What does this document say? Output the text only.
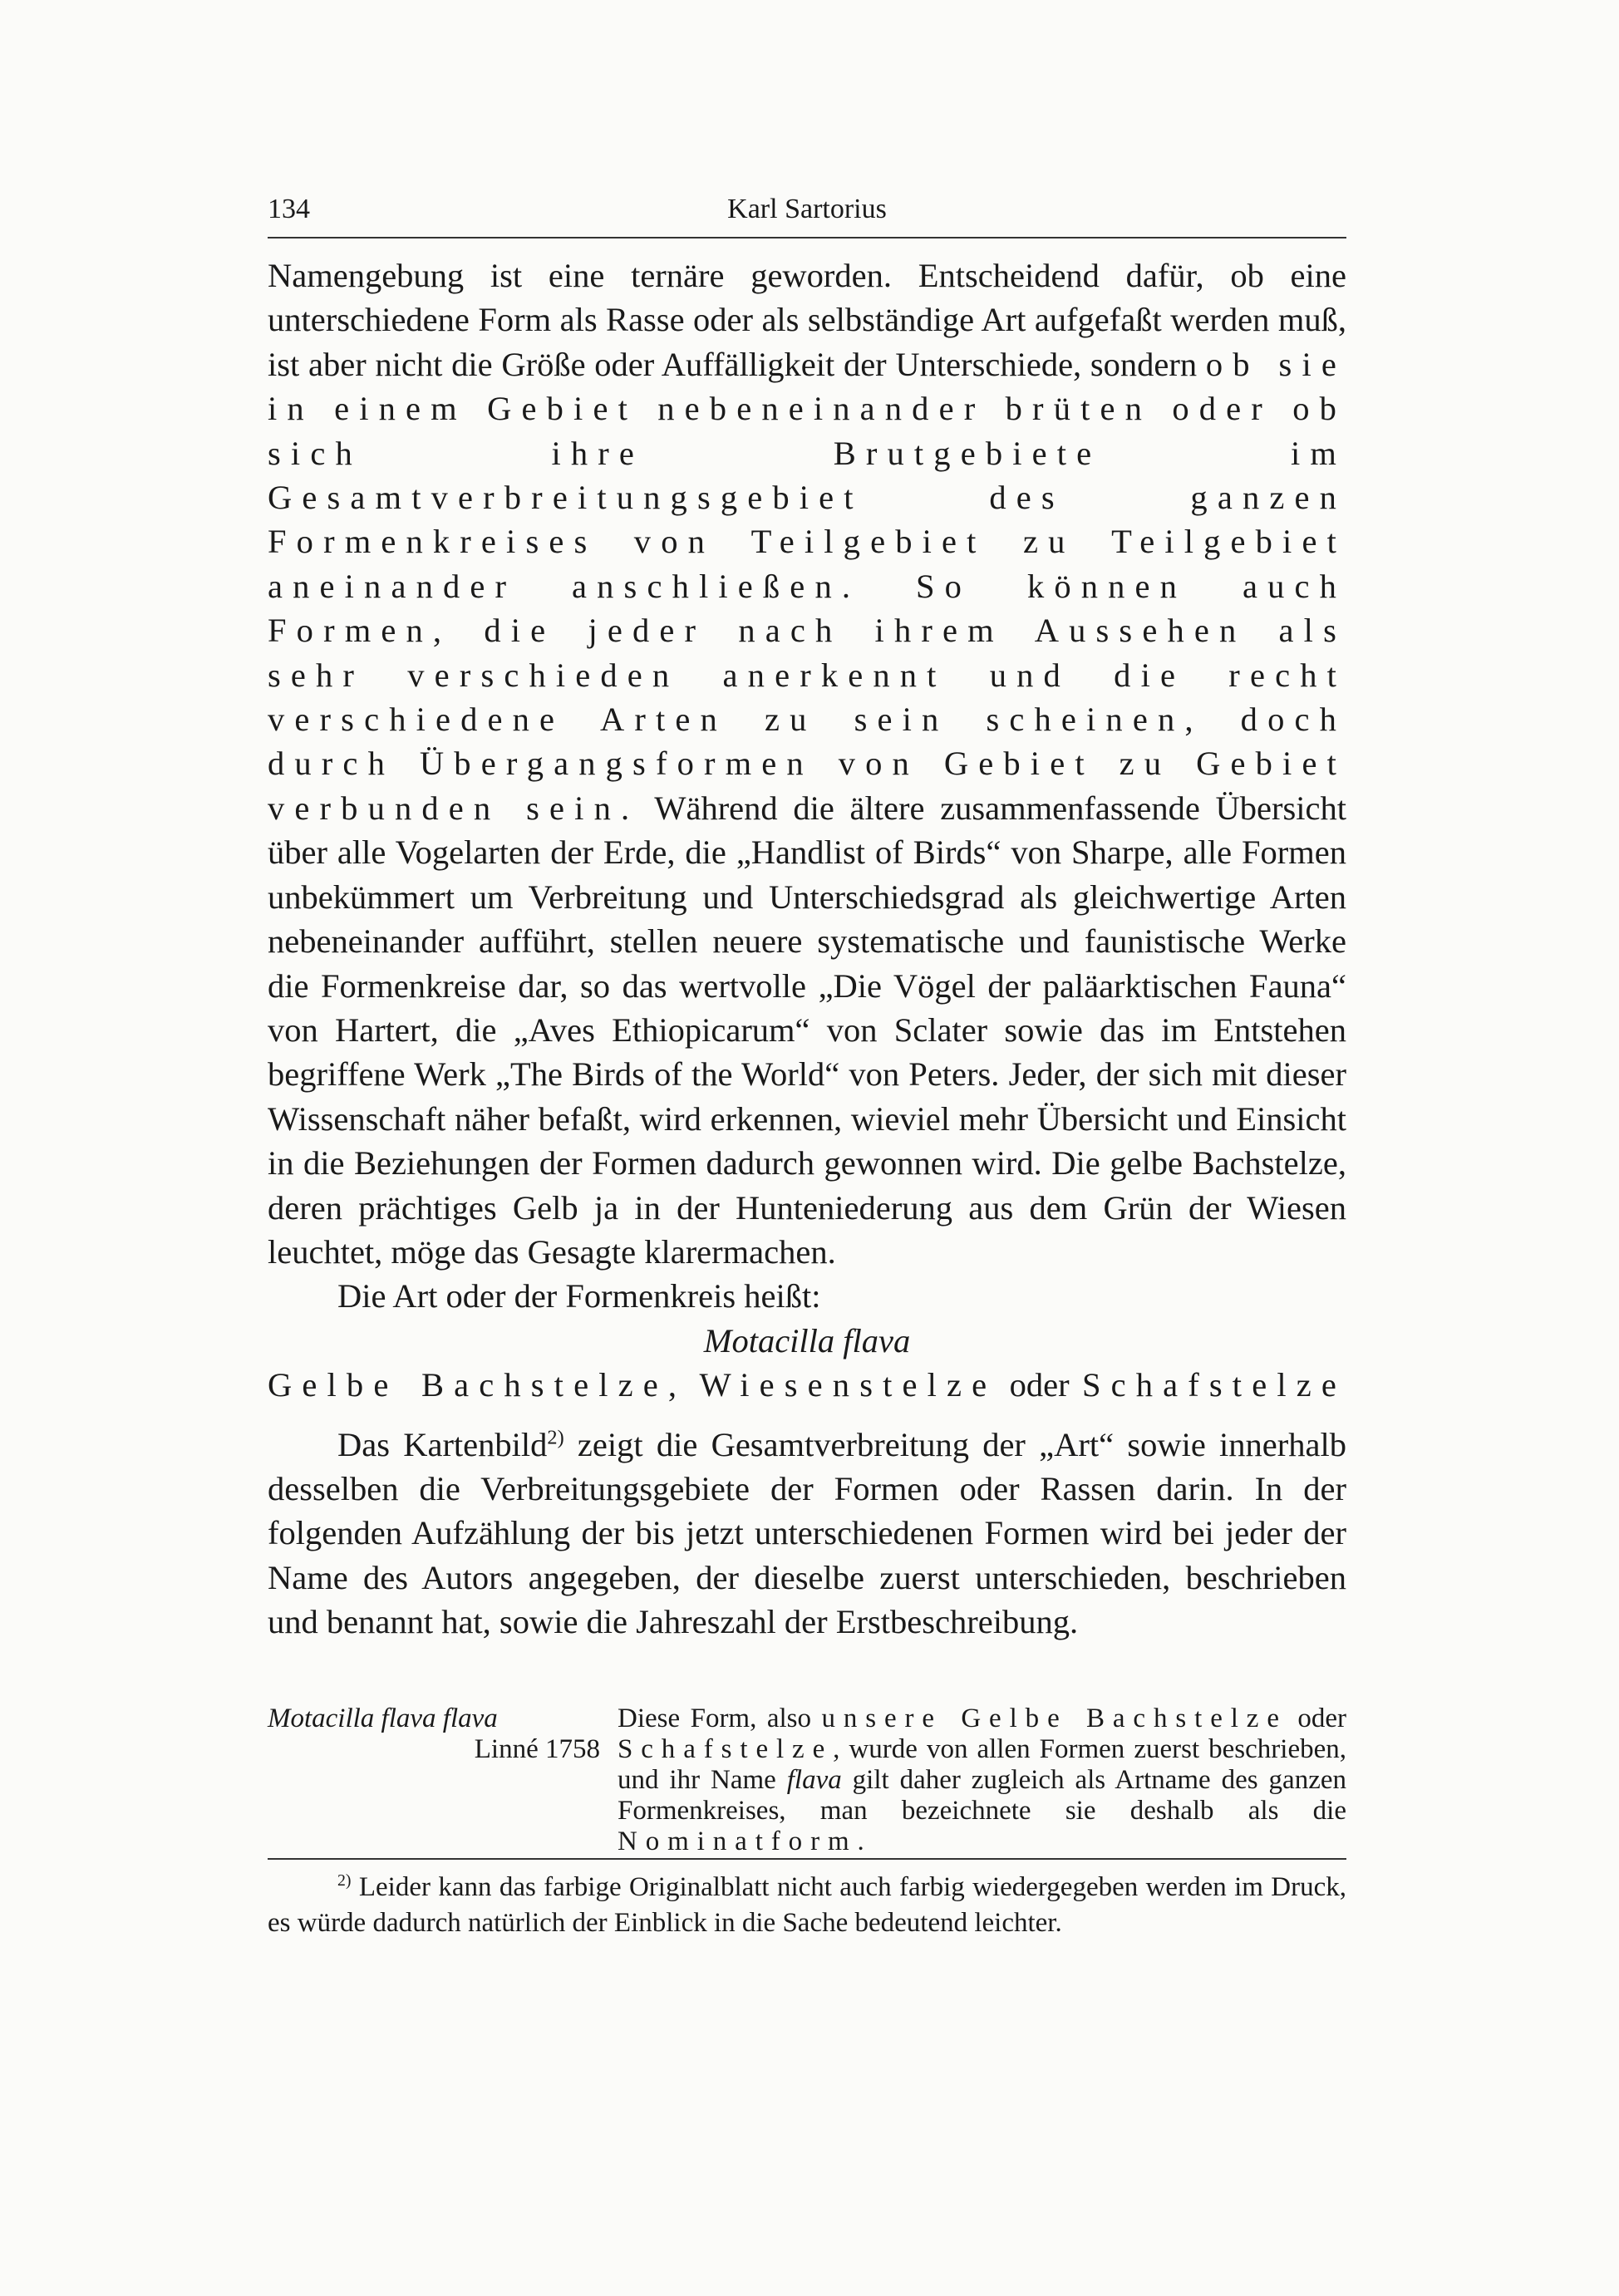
134	Karl Sartorius

Namengebung ist eine ternäre geworden. Entscheidend dafür, ob eine unterschiedene Form als Rasse oder als selbständige Art aufgefaßt werden muß, ist aber nicht die Größe oder Auffälligkeit der Unterschiede, sondern ob sie in einem Gebiet nebeneinander brüten oder ob sich ihre Brutgebiete im Gesamtverbreitungsgebiet des ganzen Formenkreises von Teilgebiet zu Teilgebiet aneinander anschließen. So können auch Formen, die jeder nach ihrem Aussehen als sehr verschieden anerkennt und die recht verschiedene Arten zu sein scheinen, doch durch Übergangsformen von Gebiet zu Gebiet verbunden sein. Während die ältere zusammenfassende Übersicht über alle Vogelarten der Erde, die „Handlist of Birds“ von Sharpe, alle Formen unbekümmert um Verbreitung und Unterschiedsgrad als gleichwertige Arten nebeneinander aufführt, stellen neuere systematische und faunistische Werke die Formenkreise dar, so das wertvolle „Die Vögel der paläarktischen Fauna“ von Hartert, die „Aves Ethiopicarum“ von Sclater sowie das im Entstehen begriffene Werk „The Birds of the World“ von Peters. Jeder, der sich mit dieser Wissenschaft näher befaßt, wird erkennen, wieviel mehr Übersicht und Einsicht in die Beziehungen der Formen dadurch gewonnen wird. Die gelbe Bachstelze, deren prächtiges Gelb ja in der Hunteniederung aus dem Grün der Wiesen leuchtet, möge das Gesagte klarermachen.

Die Art oder der Formenkreis heißt:

Motacilla flava

Gelbe Bachstelze, Wiesenstelze oder Schafstelze

Das Kartenbild$^{2)}$ zeigt die Gesamtverbreitung der „Art“ sowie innerhalb desselben die Verbreitungsgebiete der Formen oder Rassen darin. In der folgenden Aufzählung der bis jetzt unterschiedenen Formen wird bei jeder der Name des Autors angegeben, der dieselbe zuerst unterschieden, beschrieben und benannt hat, sowie die Jahreszahl der Erstbeschreibung.

Motacilla flava flava
Linné 1758
Diese Form, also unsere Gelbe Bachstelze oder Schafstelze, wurde von allen Formen zuerst beschrieben, und ihr Name flava gilt daher zugleich als Artname des ganzen Formenkreises, man bezeichnete sie deshalb als die Nominatform.

$^{2)}$ Leider kann das farbige Originalblatt nicht auch farbig wiedergegeben werden im Druck, es würde dadurch natürlich der Einblick in die Sache bedeutend leichter.
